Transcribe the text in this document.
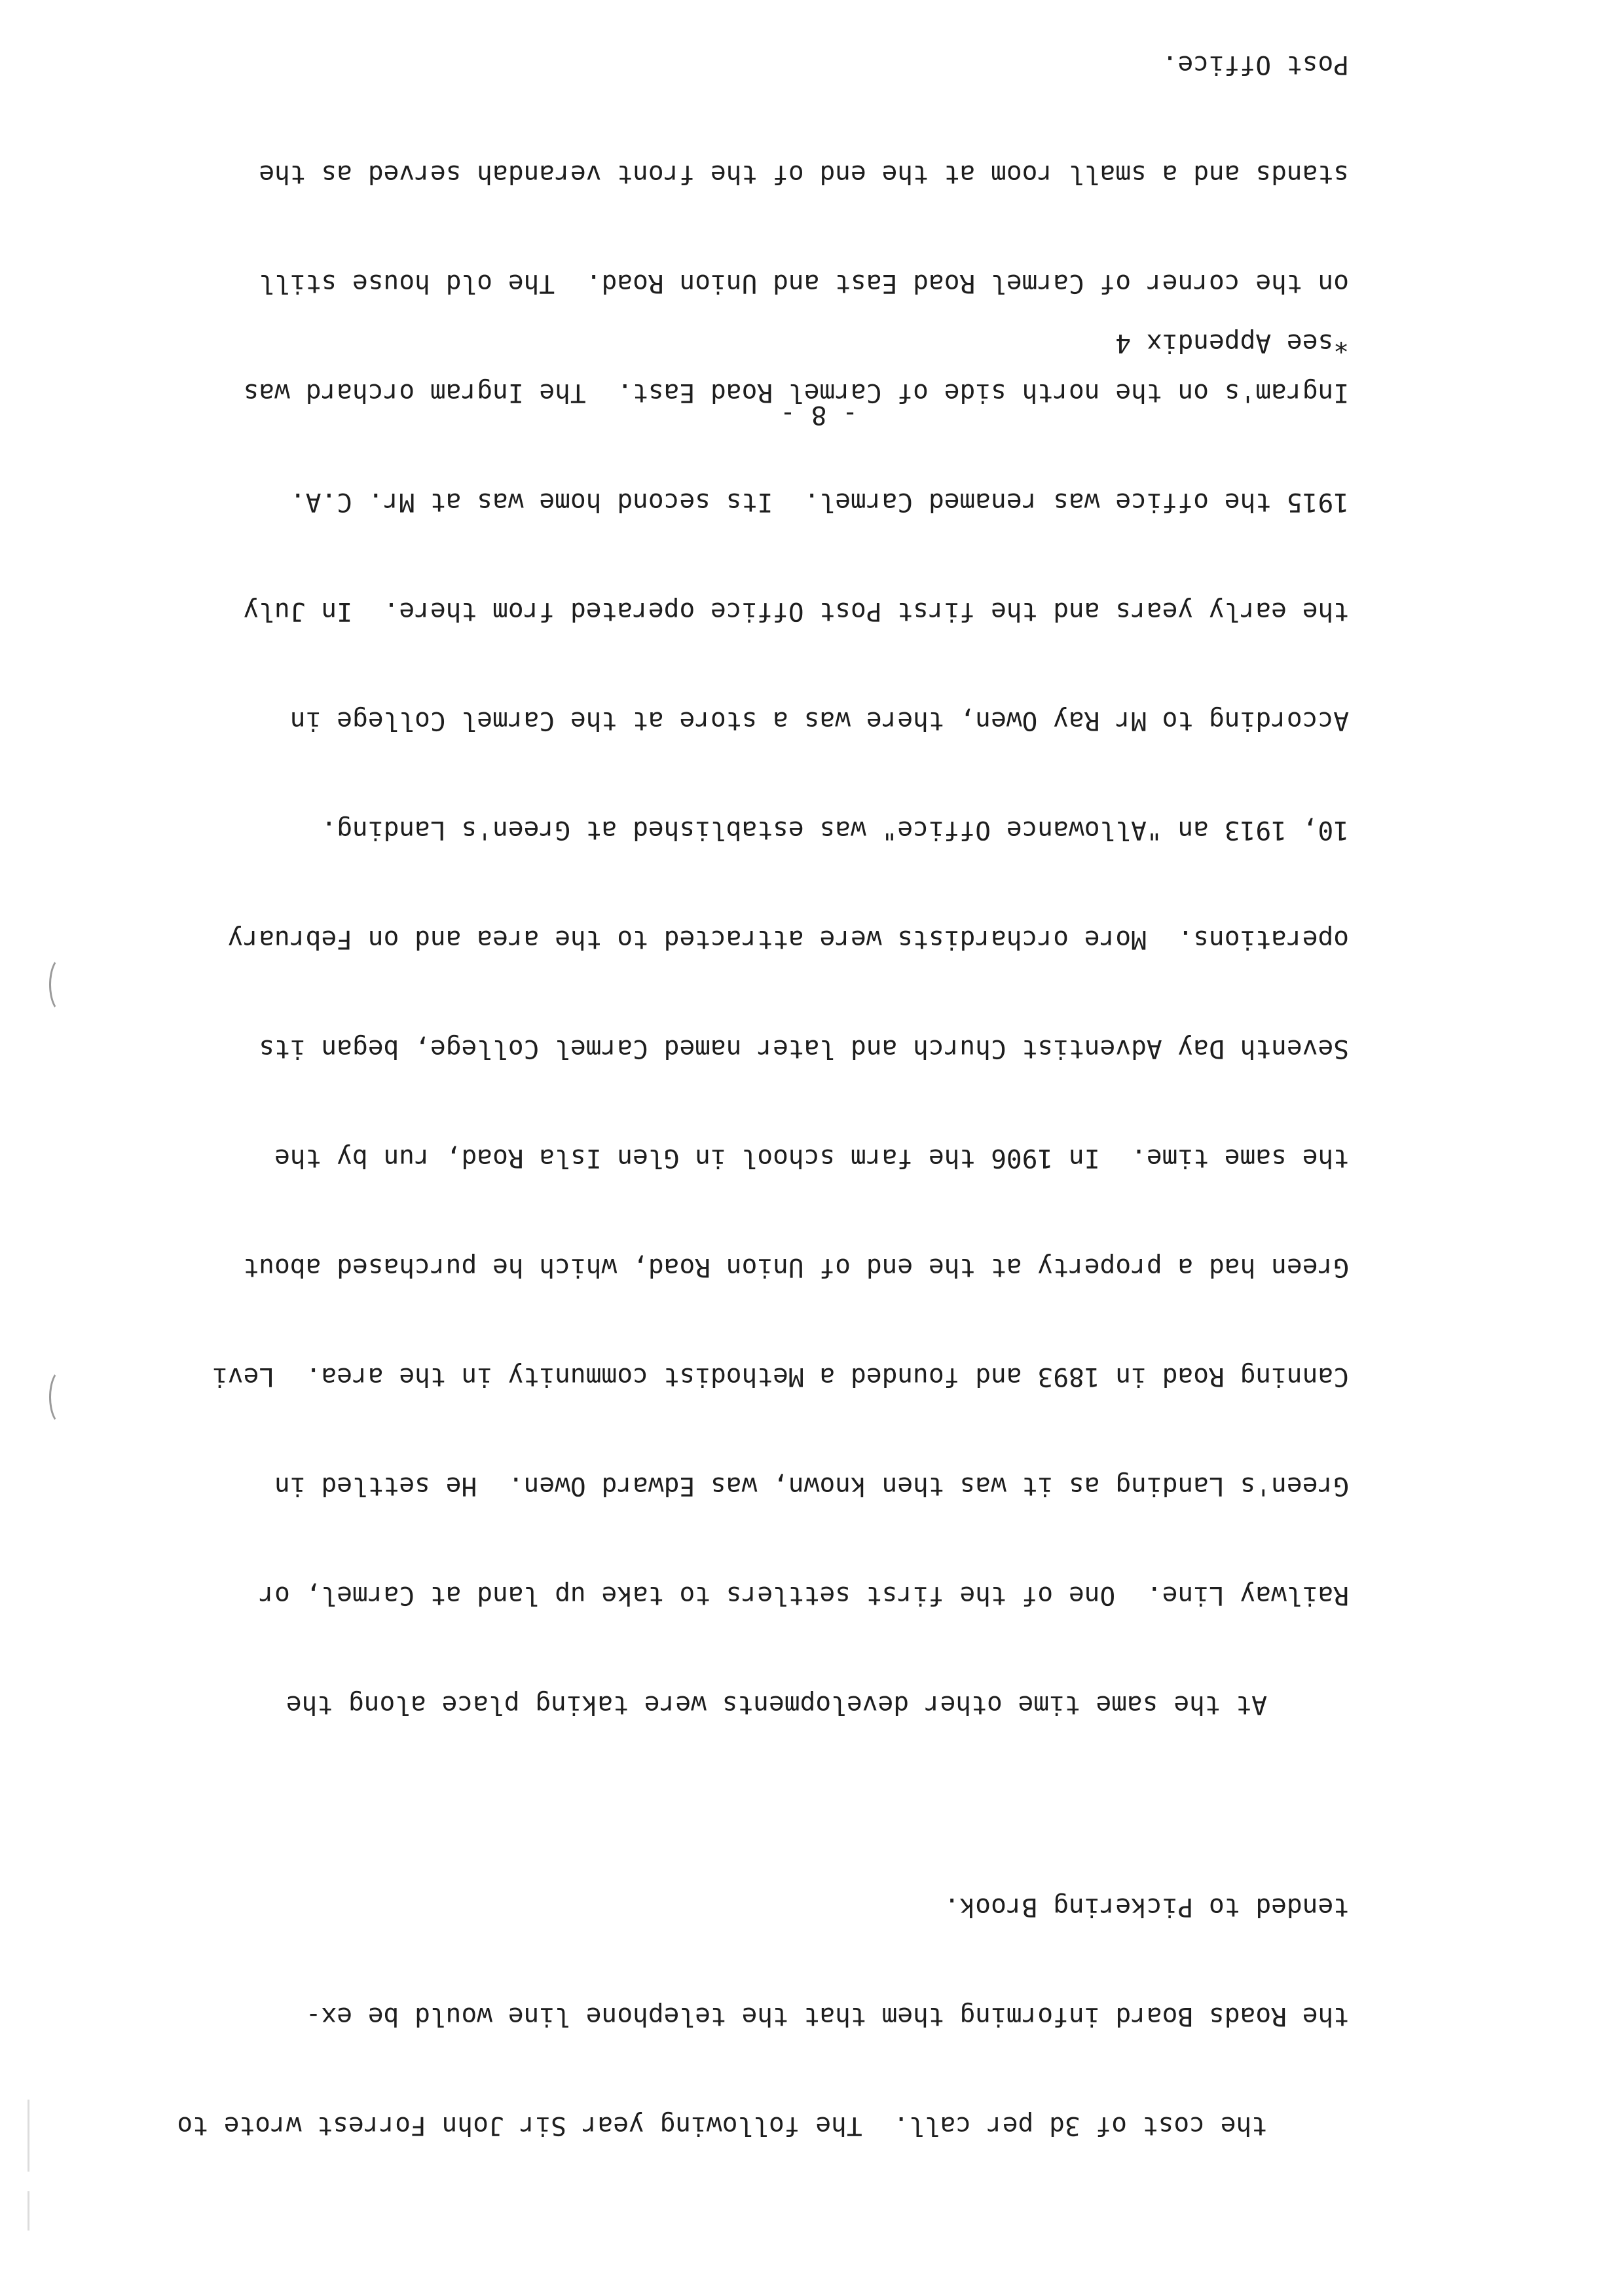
the cost of 3d per call.  The following year Sir John Forrest wrote to

the Roads Board informing them that the telephone line would be ex-

tended to Pickering Brook.

At the same time other developments were taking place along the

Railway Line.  One of the first settlers to take up land at Carmel, or

Green's Landing as it was then known, was Edward Owen.  He settled in

Canning Road in 1893 and founded a Methodist community in the area.  Levi

Green had a property at the end of Union Road, which he purchased about

the same time.  In 1906 the farm school in Glen Isla Road, run by the

Seventh Day Adventist Church and later named Carmel College, began its

operations.  More orchardists were attracted to the area and on February

10, 1913 an "Allowance Office" was established at Green's Landing.

According to Mr Ray Owen, there was a store at the Carmel College in

the early years and the first Post Office operated from there.  In July

1915 the office was renamed Carmel.  Its second home was at Mr. C.A.

Ingram's on the north side of Carmel Road East.  The Ingram orchard was

on the corner of Carmel Road East and Union Road.  The old house still

stands and a small room at the end of the front verandah served as the

Post Office.

- 8 -
*see Appendix 4
